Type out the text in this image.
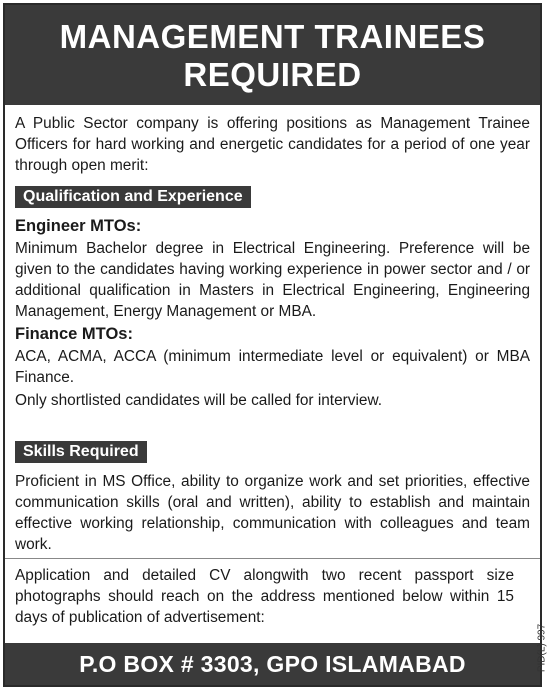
MANAGEMENT TRAINEES
REQUIRED
A Public Sector company is offering positions as Management Trainee Officers for hard working and energetic candidates for a period of one year through open merit:
Qualification and Experience
Engineer MTOs:
Minimum Bachelor degree in Electrical Engineering. Preference will be given to the candidates having working experience in power sector and / or additional qualification in Masters in Electrical Engineering, Engineering Management, Energy Management or MBA.
Finance MTOs:
ACA, ACMA, ACCA (minimum intermediate level or equivalent) or MBA Finance.
Only shortlisted candidates will be called for interview.
Skills Required
Proficient in MS Office, ability to organize work and set priorities, effective communication skills (oral and written), ability to establish and maintain effective working relationship, communication with colleagues and team work.
Application and detailed CV alongwith two recent passport size photographs should reach on the address mentioned below within 15 days of publication of advertisement:
P.O BOX # 3303, GPO ISLAMABAD	PID(L) 997
